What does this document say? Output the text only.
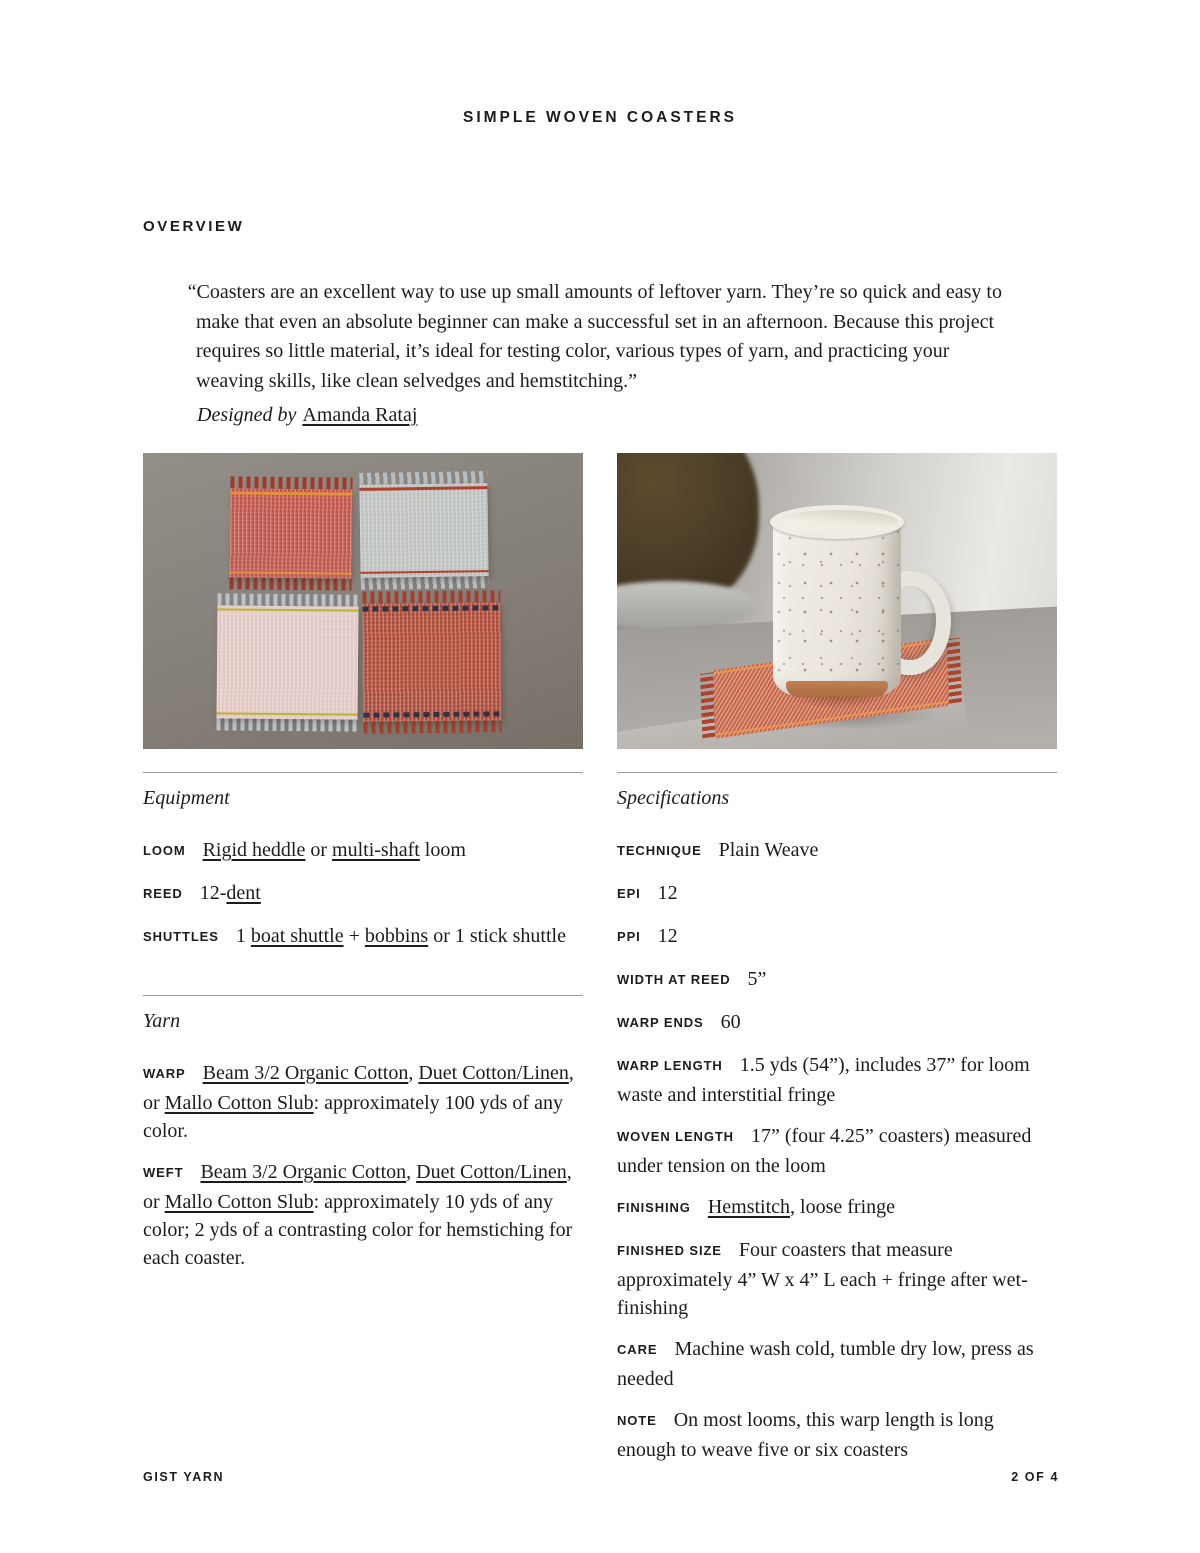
SIMPLE WOVEN COASTERS
OVERVIEW

“Coasters are an excellent way to use up small amounts of leftover yarn. They’re so quick and easy to make that even an absolute beginner can make a successful set in an afternoon. Because this project requires so little material, it’s ideal for testing color, various types of yarn, and practicing your weaving skills, like clean selvedges and hemstitching.”

Designed by Amanda Rataj

Equipment

LOOM Rigid heddle or multi-shaft loom

REED 12-dent

SHUTTLES 1 boat shuttle + bobbins or 1 stick shuttle

Yarn

WARP Beam 3/2 Organic Cotton, Duet Cotton/Linen, or Mallo Cotton Slub: approximately 100 yds of any color.

WEFT Beam 3/2 Organic Cotton, Duet Cotton/Linen, or Mallo Cotton Slub: approximately 10 yds of any color; 2 yds of a contrasting color for hemstiching for each coaster.

Specifications

TECHNIQUE Plain Weave

EPI 12

PPI 12

WIDTH AT REED 5”

WARP ENDS 60

WARP LENGTH 1.5 yds (54”), includes 37” for loom waste and interstitial fringe

WOVEN LENGTH 17” (four 4.25” coasters) measured under tension on the loom

FINISHING Hemstitch, loose fringe

FINISHED SIZE Four coasters that measure approximately 4” W x 4” L each + fringe after wet-finishing

CARE Machine wash cold, tumble dry low, press as needed

NOTE On most looms, this warp length is long enough to weave five or six coasters

GIST YARN	2 OF 4
